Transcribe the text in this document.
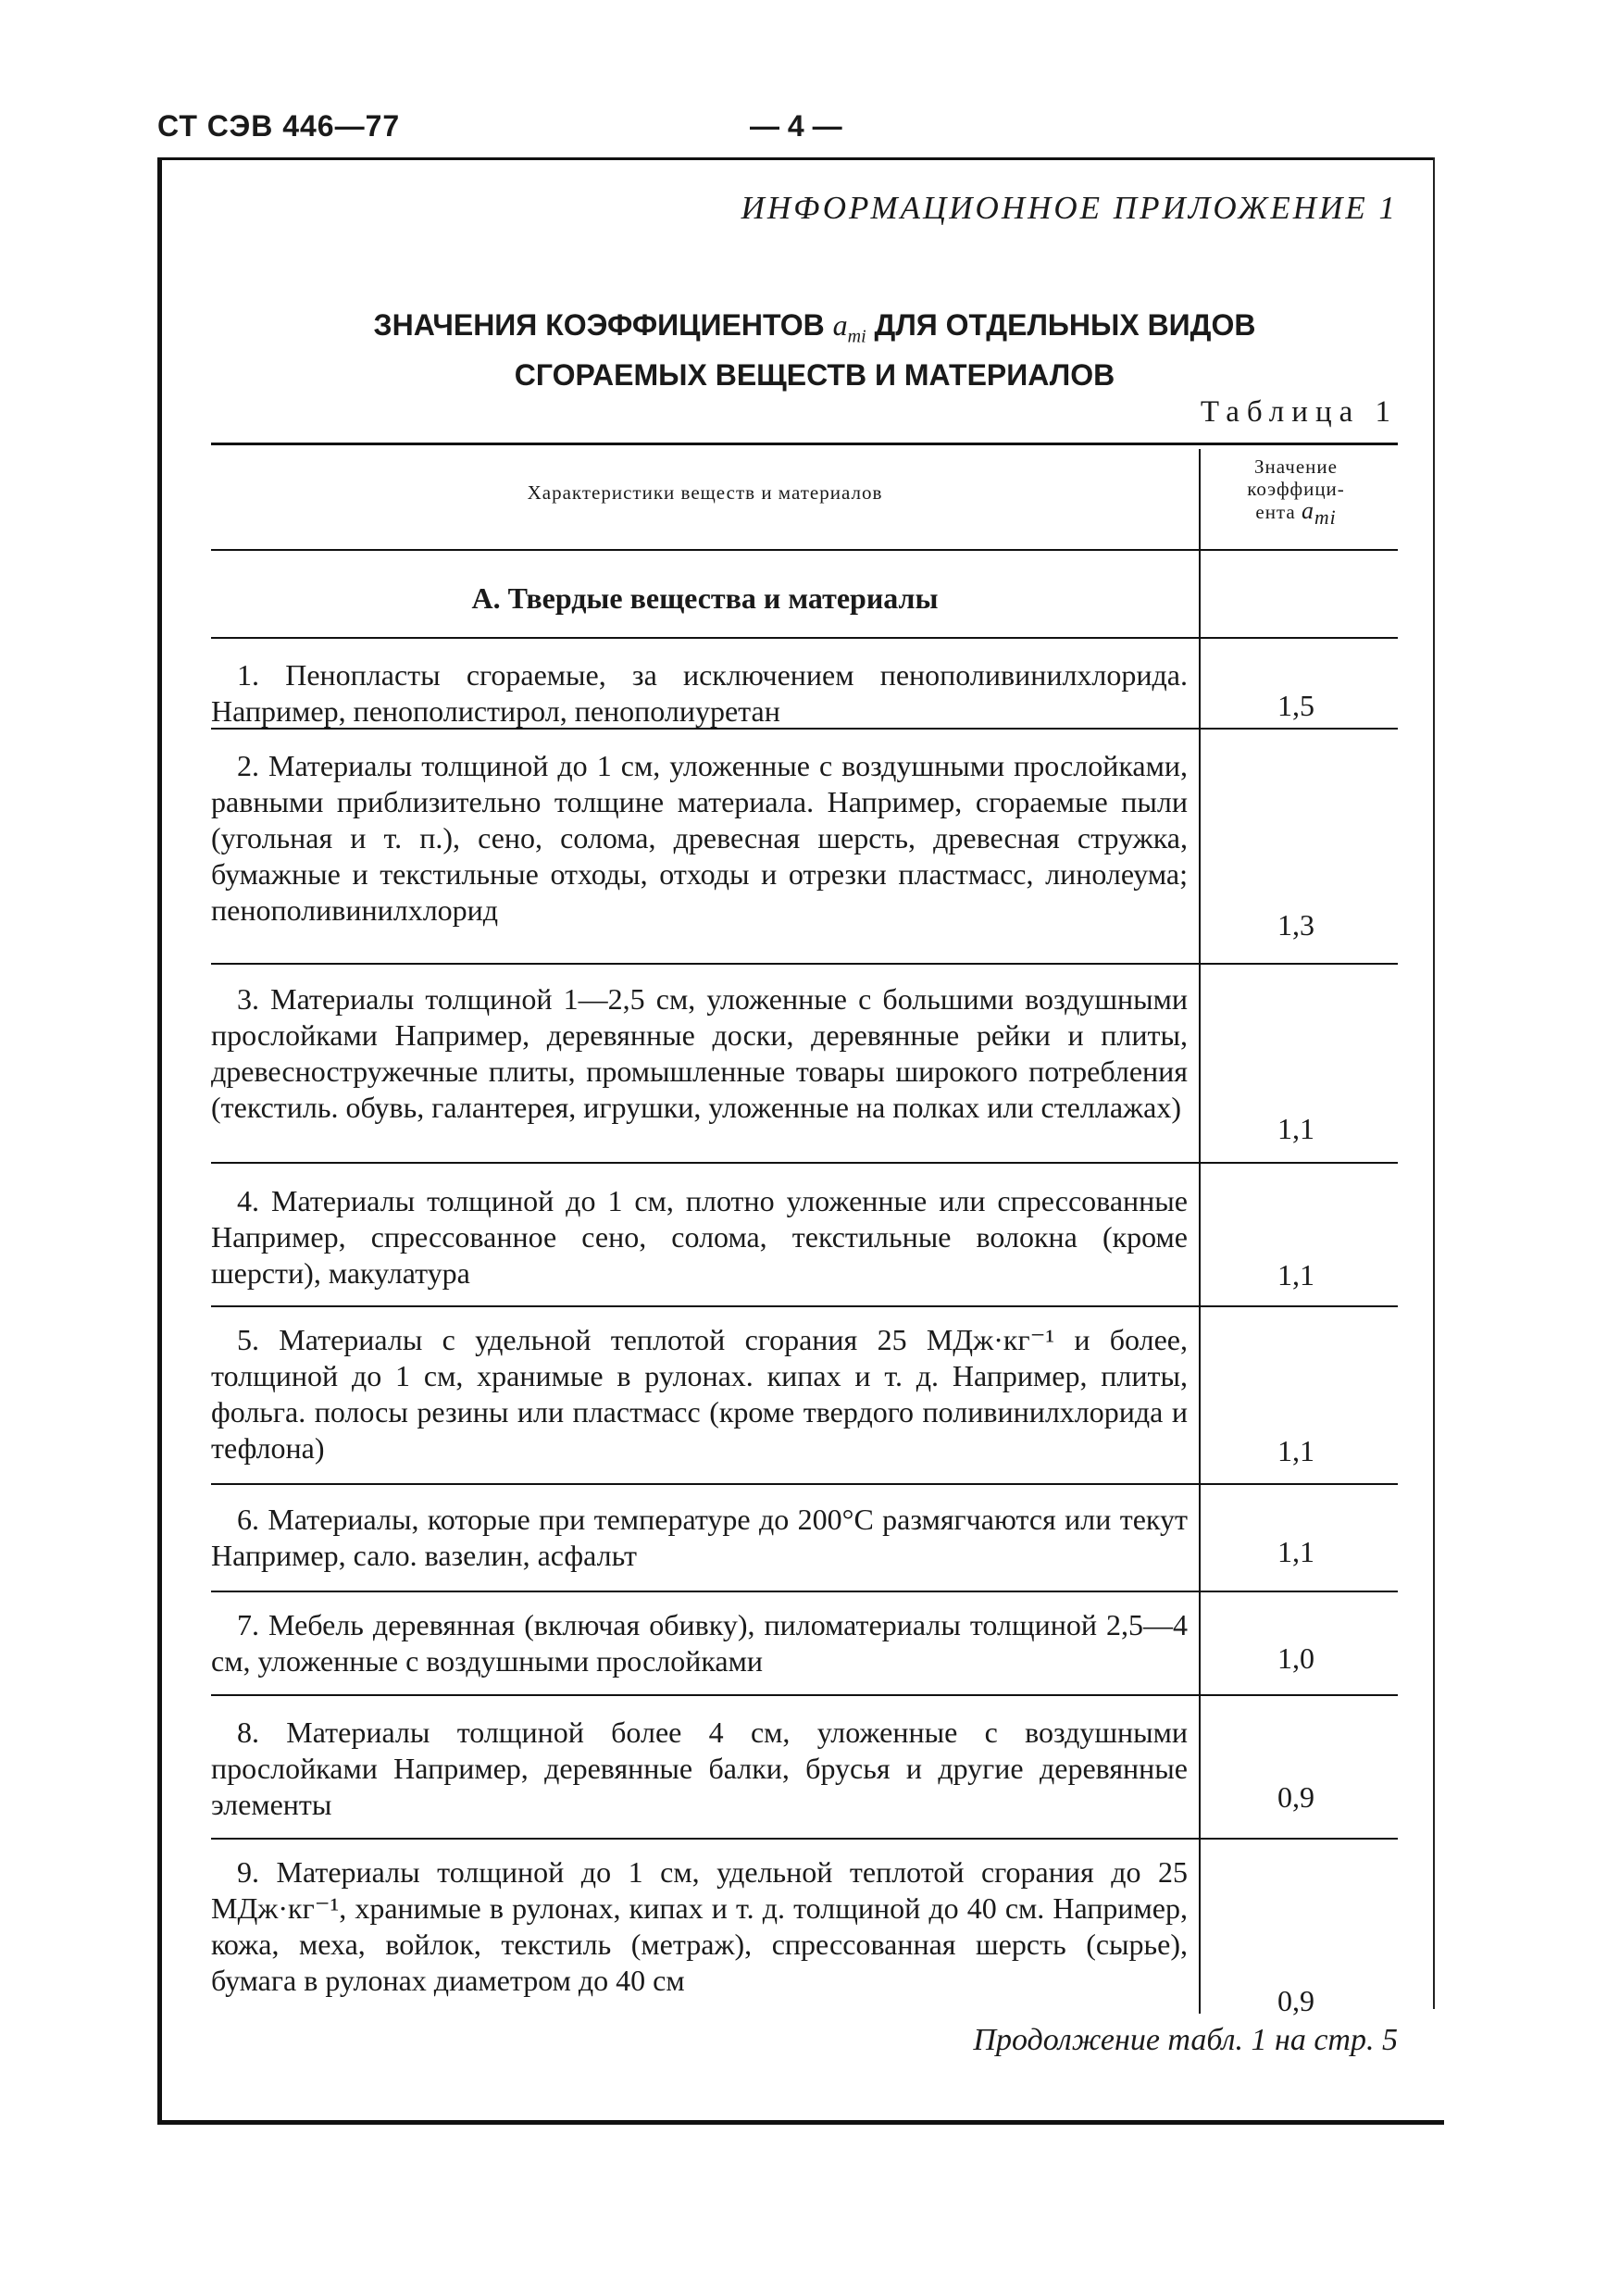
СТ СЭВ 446—77	— 4 —
ИНФОРМАЦИОННОЕ ПРИЛОЖЕНИЕ 1
ЗНАЧЕНИЯ КОЭФФИЦИЕНТОВ $a_{mi}$ ДЛЯ ОТДЕЛЬНЫХ ВИДОВ
СГОРАЕМЫХ ВЕЩЕСТВ И МАТЕРИАЛОВ
Таблица 1
Характеристики веществ и материалов
Значение
коэффици-
ента $a_{mi}$
А. Твердые вещества и материалы
1. Пенопласты сгораемые, за исключением пенополивинилхлорида. Например, пенополистирол, пенополиуретан	1,5
2. Материалы толщиной до 1 см, уложенные с воздушными прослойками, равными приблизительно толщине материала. Например, сгораемые пыли (угольная и т. п.), сено, солома, древесная шерсть, древесная стружка, бумажные и текстильные отходы, отходы и отрезки пластмасс, линолеума; пенополивинилхлорид	1,3
3. Материалы толщиной 1—2,5 см, уложенные с большими воздушными прослойками Например, деревянные доски, деревянные рейки и плиты, древесностружечные плиты, промышленные товары широкого потребления (текстиль. обувь, галантерея, игрушки, уложенные на полках или стеллажах)
1,1
4. Материалы толщиной до 1 см, плотно уложенные или спрессованные Например, спрессованное сено, солома, текстильные волокна (кроме шерсти), макулатура	1,1
5. Материалы с удельной теплотой сгорания 25 МДж·кг⁻¹ и более, толщиной до 1 см, хранимые в рулонах. кипах и т. д. Например, плиты, фольга. полосы резины или пластмасс (кроме твердого поливинилхлорида и тефлона)	1,1
6. Материалы, которые при температуре до 200°С размягчаются или текут Например, сало. вазелин, асфальт	1,1
7. Мебель деревянная (включая обивку), пиломатериалы толщиной 2,5—4 см, уложенные с воздушными прослойками	1,0
8. Материалы толщиной более 4 см, уложенные с воздушными прослойками Например, деревянные балки, брусья и другие деревянные элементы	0,9
9. Материалы толщиной до 1 см, удельной теплотой сгорания до 25 МДж·кг⁻¹, хранимые в рулонах, кипах и т. д. толщиной до 40 см. Например, кожа, меха, войлок, текстиль (метраж), спрессованная шерсть (сырье), бумага в рулонах диаметром до 40 см
0,9
Продолжение табл. 1 на стр. 5
